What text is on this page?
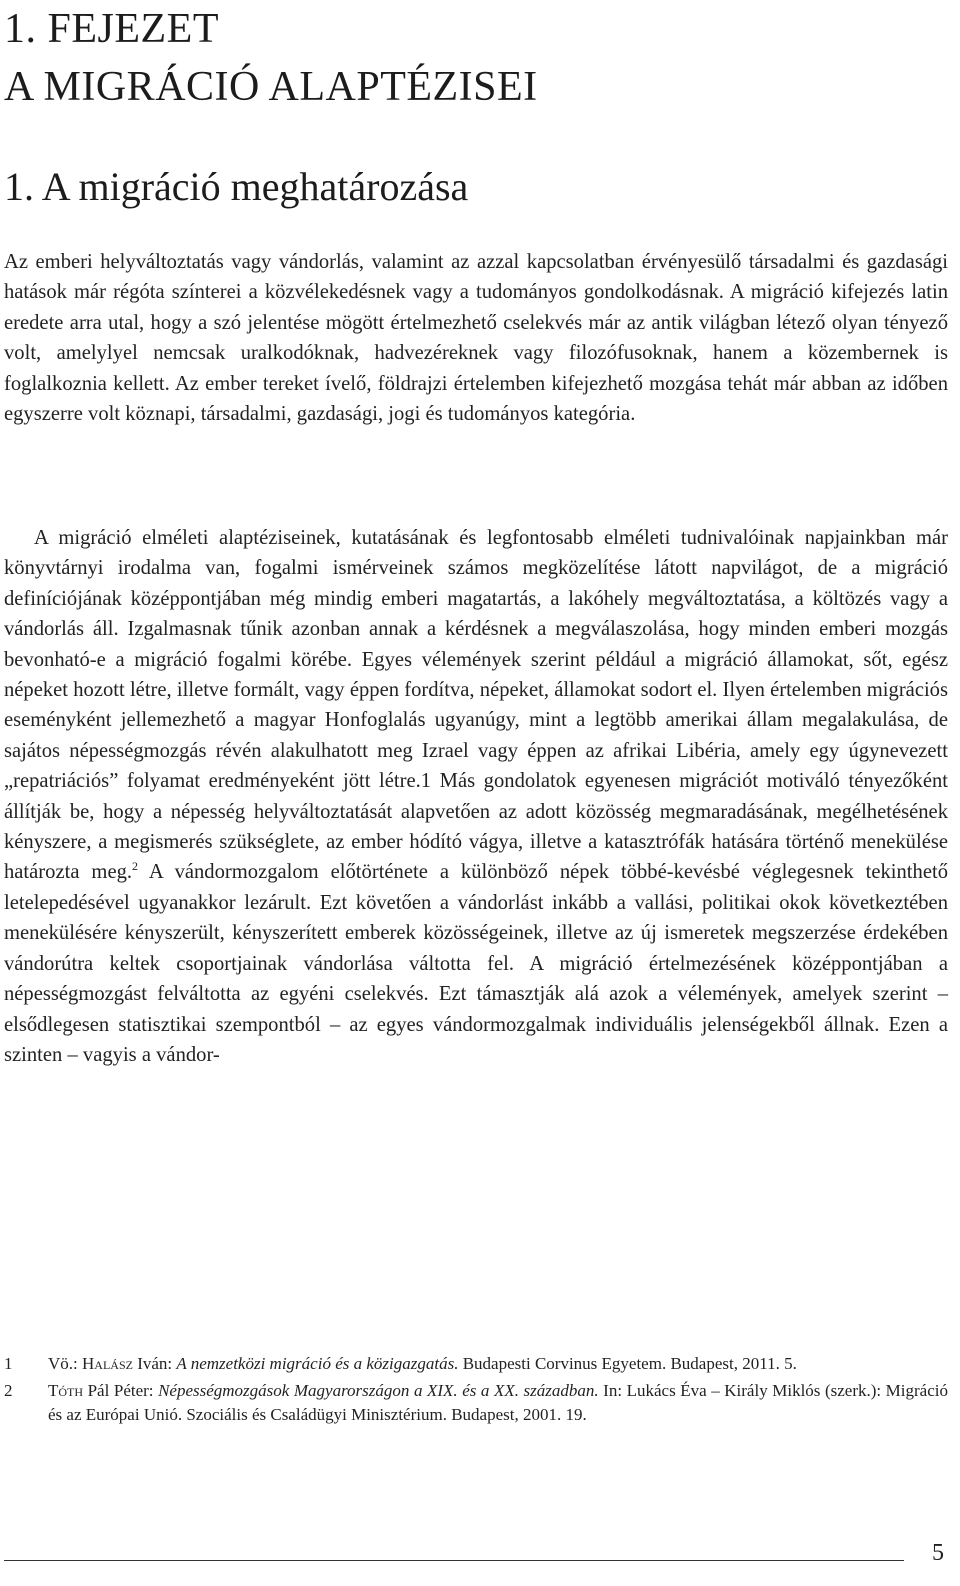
1. FEJEZET
A MIGRÁCIÓ ALAPTÉZISEI
1. A migráció meghatározása

Az emberi helyváltoztatás vagy vándorlás, valamint az azzal kapcsolatban érvényesülő társadalmi és gazdasági hatások már régóta színterei a közvélekedésnek vagy a tudományos gondolkodásnak. A migráció kifejezés latin eredete arra utal, hogy a szó jelentése mögött értelmezhető cselekvés már az antik világban létező olyan tényező volt, amelylyel nemcsak uralkodóknak, hadvezéreknek vagy filozófusoknak, hanem a közembernek is foglalkoznia kellett. Az ember tereket ívelő, földrajzi értelemben kifejezhető mozgása tehát már abban az időben egyszerre volt köznapi, társadalmi, gazdasági, jogi és tudományos kategória.

A migráció elméleti alaptéziseinek, kutatásának és legfontosabb elméleti tudnivalóinak napjainkban már könyvtárnyi irodalma van, fogalmi ismérveinek számos megközelítése látott napvilágot, de a migráció definíciójának középpontjában még mindig emberi magatartás, a lakóhely megváltoztatása, a költözés vagy a vándorlás áll. Izgalmasnak tűnik azonban annak a kérdésnek a megválaszolása, hogy minden emberi mozgás bevonható-e a migráció fogalmi körébe. Egyes vélemények szerint például a migráció államokat, sőt, egész népeket hozott létre, illetve formált, vagy éppen fordítva, népeket, államokat sodort el. Ilyen értelemben migrációs eseményként jellemezhető a magyar Honfoglalás ugyanúgy, mint a legtöbb amerikai állam megalakulása, de sajátos népességmozgás révén alakulhatott meg Izrael vagy éppen az afrikai Libéria, amely egy úgynevezett „repatriációs” folyamat eredményeként jött létre.1 Más gondolatok egyenesen migrációt motiváló tényezőként állítják be, hogy a népesség helyváltoztatását alapvetően az adott közösség megmaradásának, megélhetésének kényszere, a megismerés szükséglete, az ember hódító vágya, illetve a katasztrófák hatására történő menekülése határozta meg.$^2$ A vándormozgalom előtörténete a különböző népek többé-kevésbé véglegesnek tekinthető letelepedésével ugyanakkor lezárult. Ezt követően a vándorlást inkább a vallási, politikai okok következtében menekülésére kényszerült, kényszerített emberek közösségeinek, illetve az új ismeretek megszerzése érdekében vándorútra keltek csoportjainak vándorlása váltotta fel. A migráció értelmezésének középpontjában a népességmozgást felváltotta az egyéni cselekvés. Ezt támasztják alá azok a vélemények, amelyek szerint – elsődlegesen statisztikai szempontból – az egyes vándormozgalmak individuális jelenségekből állnak. Ezen a szinten – vagyis a vándor-

1	Vö.: Halász Iván: A nemzetközi migráció és a közigazgatás. Budapesti Corvinus Egyetem. Budapest, 2011. 5.
2	Tóth Pál Péter: Népességmozgások Magyarországon a XIX. és a XX. században. In: Lukács Éva – Király Miklós (szerk.): Migráció és az Európai Unió. Szociális és Családügyi Minisztérium. Budapest, 2001. 19.
5
